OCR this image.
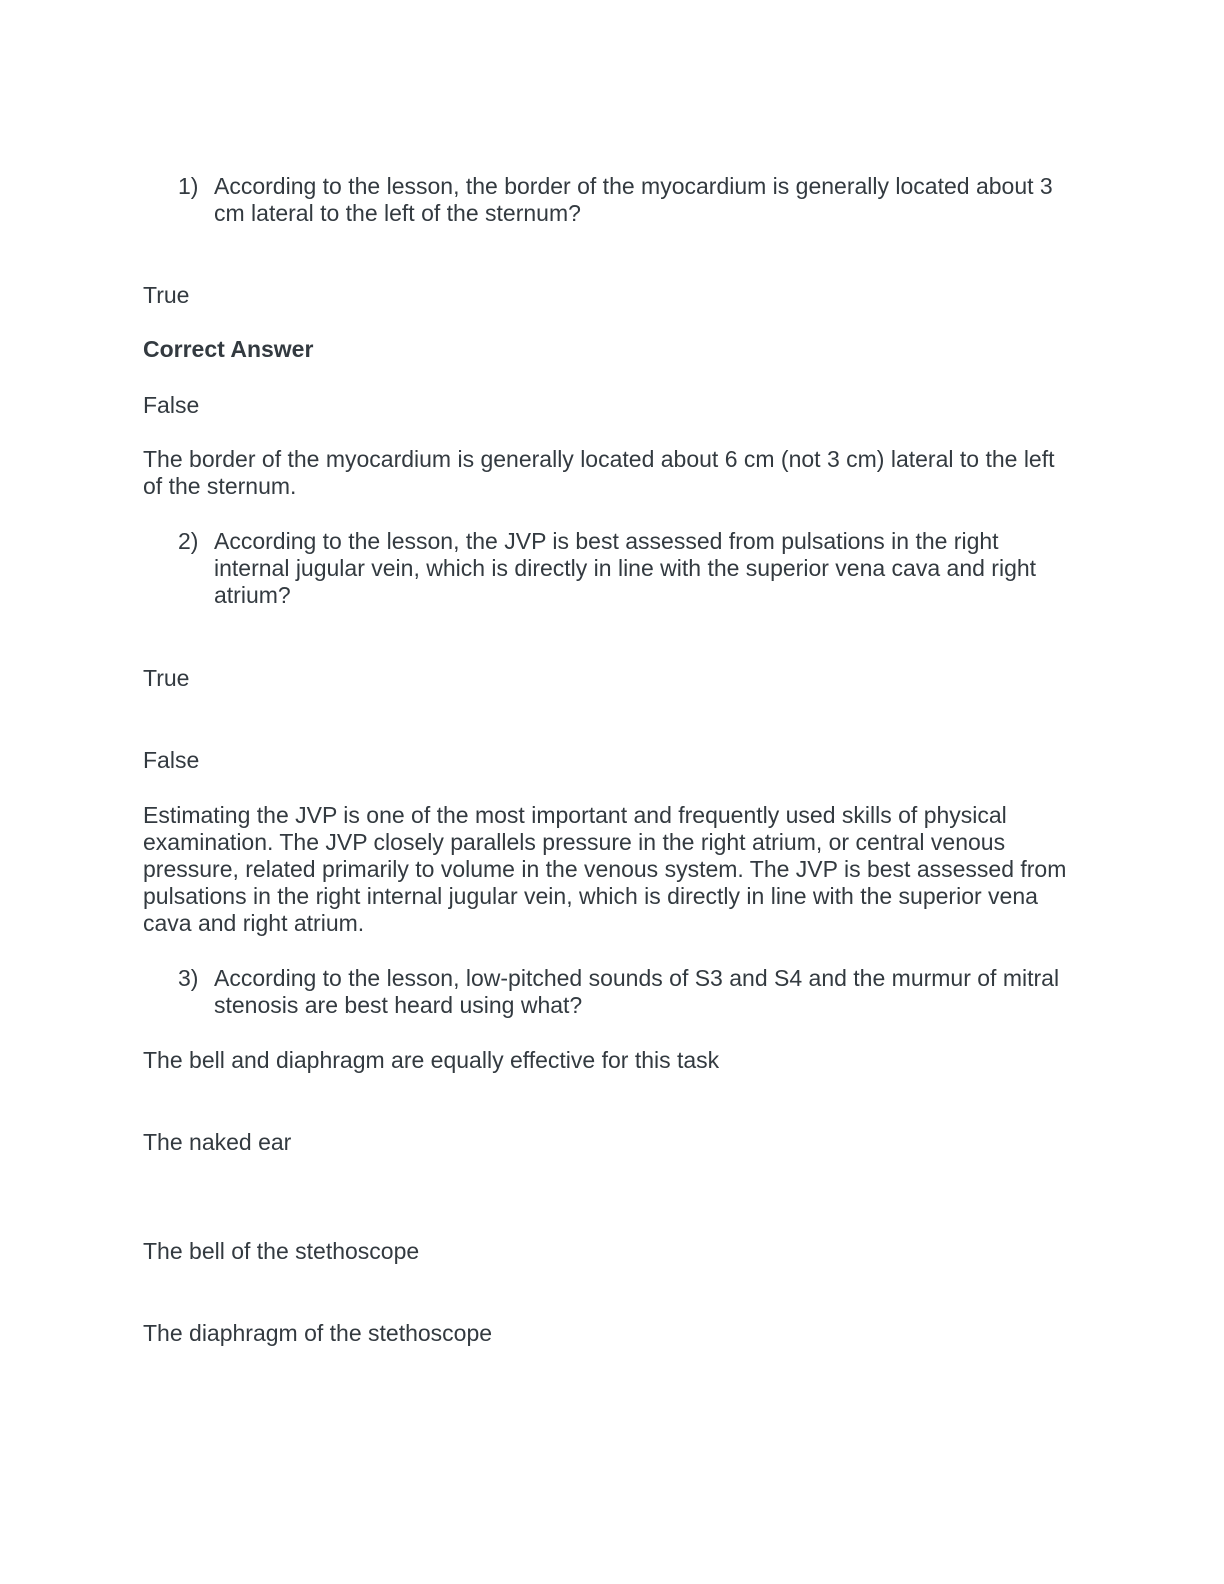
1) According to the lesson, the border of the myocardium is generally located about 3 cm lateral to the left of the sternum?

True

Correct Answer

False

The border of the myocardium is generally located about 6 cm (not 3 cm) lateral to the left of the sternum.

2) According to the lesson, the JVP is best assessed from pulsations in the right internal jugular vein, which is directly in line with the superior vena cava and right atrium?

True

False

Estimating the JVP is one of the most important and frequently used skills of physical examination. The JVP closely parallels pressure in the right atrium, or central venous pressure, related primarily to volume in the venous system. The JVP is best assessed from pulsations in the right internal jugular vein, which is directly in line with the superior vena cava and right atrium.

3) According to the lesson, low-pitched sounds of S3 and S4 and the murmur of mitral stenosis are best heard using what?

The bell and diaphragm are equally effective for this task

The naked ear

The bell of the stethoscope

The diaphragm of the stethoscope
